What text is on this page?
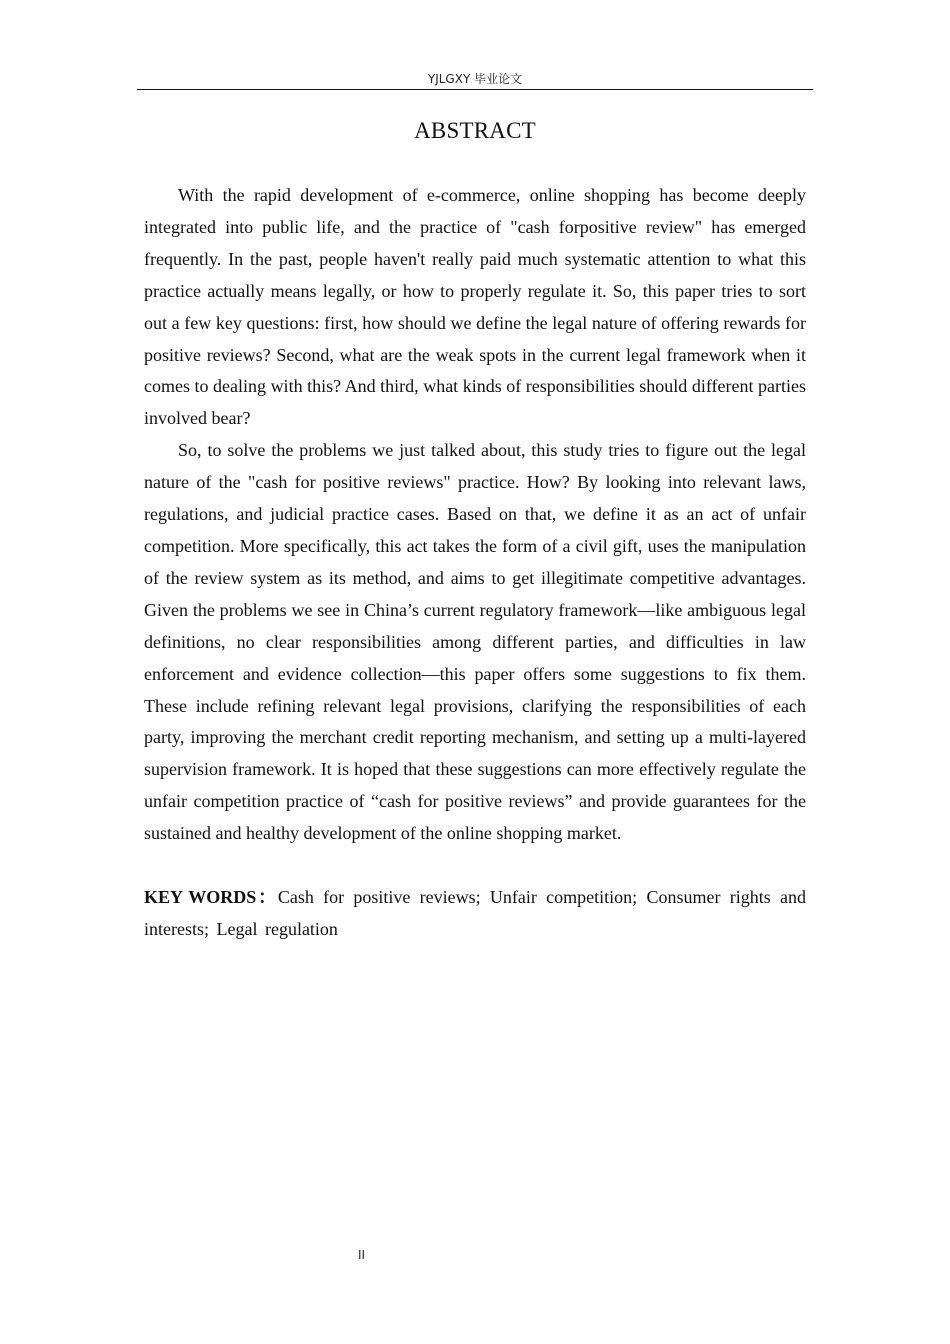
YJLGXY 毕业论文
ABSTRACT

With the rapid development of e-commerce, online shopping has become deeply integrated into public life, and the practice of "cash forpositive review" has emerged frequently. In the past, people haven't really paid much systematic attention to what this practice actually means legally, or how to properly regulate it. So, this paper tries to sort out a few key questions: first, how should we define the legal nature of offering rewards for positive reviews? Second, what are the weak spots in the current legal framework when it comes to dealing with this? And third, what kinds of responsibilities should different parties involved bear?

So, to solve the problems we just talked about, this study tries to figure out the legal nature of the "cash for positive reviews" practice. How? By looking into relevant laws, regulations, and judicial practice cases. Based on that, we define it as an act of unfair competition. More specifically, this act takes the form of a civil gift, uses the manipulation of the review system as its method, and aims to get illegitimate competitive advantages. Given the problems we see in China’s current regulatory framework—like ambiguous legal definitions, no clear responsibilities among different parties, and difficulties in law enforcement and evidence collection—this paper offers some suggestions to fix them. These include refining relevant legal provisions, clarifying the responsibilities of each party, improving the merchant credit reporting mechanism, and setting up a multi-layered supervision framework. It is hoped that these suggestions can more effectively regulate the unfair competition practice of “cash for positive reviews” and provide guarantees for the sustained and healthy development of the online shopping market.

KEY WORDS：Cash for positive reviews; Unfair competition; Consumer rights and interests; Legal regulation
II
